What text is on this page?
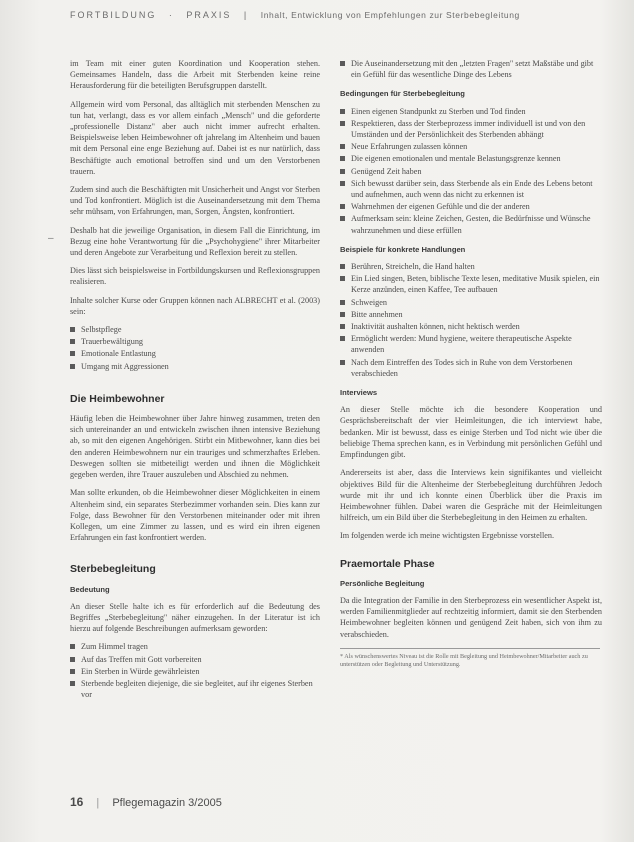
FORTBILDUNG · PRAXIS | Inhalt, Entwicklung von Empfehlungen zur Sterbebegleitung
–

im Team mit einer guten Koordination und Kooperation stehen. Gemeinsames Handeln, dass die Arbeit mit Sterbenden keine reine Herausforderung für die beteiligten Berufsgruppen darstellt.

Allgemein wird vom Personal, das alltäglich mit sterbenden Menschen zu tun hat, verlangt, dass es vor allem einfach „Mensch" und die geforderte „professionelle Distanz" aber auch nicht immer aufrecht erhalten. Beispielsweise leben Heimbewohner oft jahrelang im Altenheim und bauen mit dem Personal eine enge Beziehung auf. Dabei ist es nur natürlich, dass Beschäftigte auch emotional betroffen sind und um den Verstorbenen trauern.

Zudem sind auch die Beschäftigten mit Unsicherheit und Angst vor Sterben und Tod konfrontiert. Möglich ist die Auseinandersetzung mit dem Thema sehr mühsam, von Erfahrungen, man, Sorgen, Ängsten, konfrontiert.

Deshalb hat die jeweilige Organisation, in diesem Fall die Einrichtung, im Bezug eine hohe Verantwortung für die „Psychohygiene" ihrer Mitarbeiter und deren Angebote zur Verarbeitung und Reflexion bereit zu stellen.

Dies lässt sich beispielsweise in Fortbildungskursen und Reflexionsgruppen realisieren.

Inhalte solcher Kurse oder Gruppen können nach ALBRECHT et al. (2003) sein:

Selbstpflege
Trauerbewältigung
Emotionale Entlastung
Umgang mit Aggressionen
Die Heimbewohner

Häufig leben die Heimbewohner über Jahre hinweg zusammen, treten den sich untereinander an und entwickeln zwischen ihnen intensive Beziehung ab, so mit den eigenen Angehörigen. Stirbt ein Mitbewohner, kann dies bei den anderen Heimbewohnern nur ein trauriges und schmerzhaftes Erleben. Deswegen sollten sie mitbeteiligt werden und ihnen die Möglichkeit gegeben werden, ihre Trauer auszuleben und Abschied zu nehmen.

Man sollte erkunden, ob die Heimbewohner dieser Möglichkeiten in einem Altenheim sind, ein separates Sterbezimmer vorhanden sein. Dies kann zur Folge, dass Bewohner für den Verstorbenen miteinander oder mit ihren Kollegen, um eine Zimmer zu lassen, und es wird ein ihren eigenen Erfahrungen ein fast konfrontiert werden.

Sterbebegleitung
Bedeutung

An dieser Stelle halte ich es für erforderlich auf die Bedeutung des Begriffes „Sterbebegleitung" näher einzugehen. In der Literatur ist ich hierzu auf folgende Beschreibungen aufmerksam geworden:

Zum Himmel tragen
Auf das Treffen mit Gott vorbereiten
Ein Sterben in Würde gewährleisten
Sterbende begleiten diejenige, die sie begleitet, auf ihr eigenes Sterben vor
Die Auseinandersetzung mit den „letzten Fragen" setzt Maßstäbe und gibt ein Gefühl für das wesentliche Dinge des Lebens
Bedingungen für Sterbebegleitung
Einen eigenen Standpunkt zu Sterben und Tod finden
Respektieren, dass der Sterbeprozess immer individuell ist und von den Umständen und der Persönlichkeit des Sterbenden abhängt
Neue Erfahrungen zulassen können
Die eigenen emotionalen und mentale Belastungsgrenze kennen
Genügend Zeit haben
Sich bewusst darüber sein, dass Sterbende als ein Ende des Lebens betont und aufnehmen, auch wenn das nicht zu erkennen ist
Wahrnehmen der eigenen Gefühle und die der anderen
Aufmerksam sein: kleine Zeichen, Gesten, die Bedürfnisse und Wünsche wahrzunehmen und diese erfüllen
Beispiele für konkrete Handlungen
Berühren, Streicheln, die Hand halten
Ein Lied singen, Beten, biblische Texte lesen, meditative Musik spielen, ein Kerze anzünden, einen Kaffee, Tee aufbauen
Schweigen
Bitte annehmen
Inaktivität aushalten können, nicht hektisch werden
Ermöglicht werden: Mund hygiene, weitere therapeutische Aspekte anwenden
Nach dem Eintreffen des Todes sich in Ruhe von dem Verstorbenen verabschieden
Interviews

An dieser Stelle möchte ich die besondere Kooperation und Gesprächsbereitschaft der vier Heimleitungen, die ich interviewt habe, bedanken. Mir ist bewusst, dass es einige Sterben und Tod nicht wie über die beliebige Thema sprechen kann, es in Verbindung mit persönlichen Gefühl und Empfindungen gibt.

Andererseits ist aber, dass die Interviews kein signifikantes und vielleicht objektives Bild für die Altenheime der Sterbebegleitung durchführen Jedoch wurde mit ihr und ich konnte einen Überblick über die Praxis im Heimbewohner fühlen. Dabei waren die Gespräche mit der Heimleitungen hilfreich, um ein Bild über die Sterbebegleitung in den Heimen zu erhalten.

Im folgenden werde ich meine wichtigsten Ergebnisse vorstellen.

Praemortale Phase
Persönliche Begleitung

Da die Integration der Familie in den Sterbeprozess ein wesentlicher Aspekt ist, werden Familienmitglieder auf rechtzeitig informiert, damit sie den Sterbenden Heimbewohner begleiten können und genügend Zeit haben, sich von ihm zu verabschieden.

* Als wünschenswertes Niveau ist die Rolle mit Begleitung und Heimbewohner/Mitarbeiter auch zu unterstützen oder Begleitung und Unterstützung.
16 | Pflegemagazin 3/2005
